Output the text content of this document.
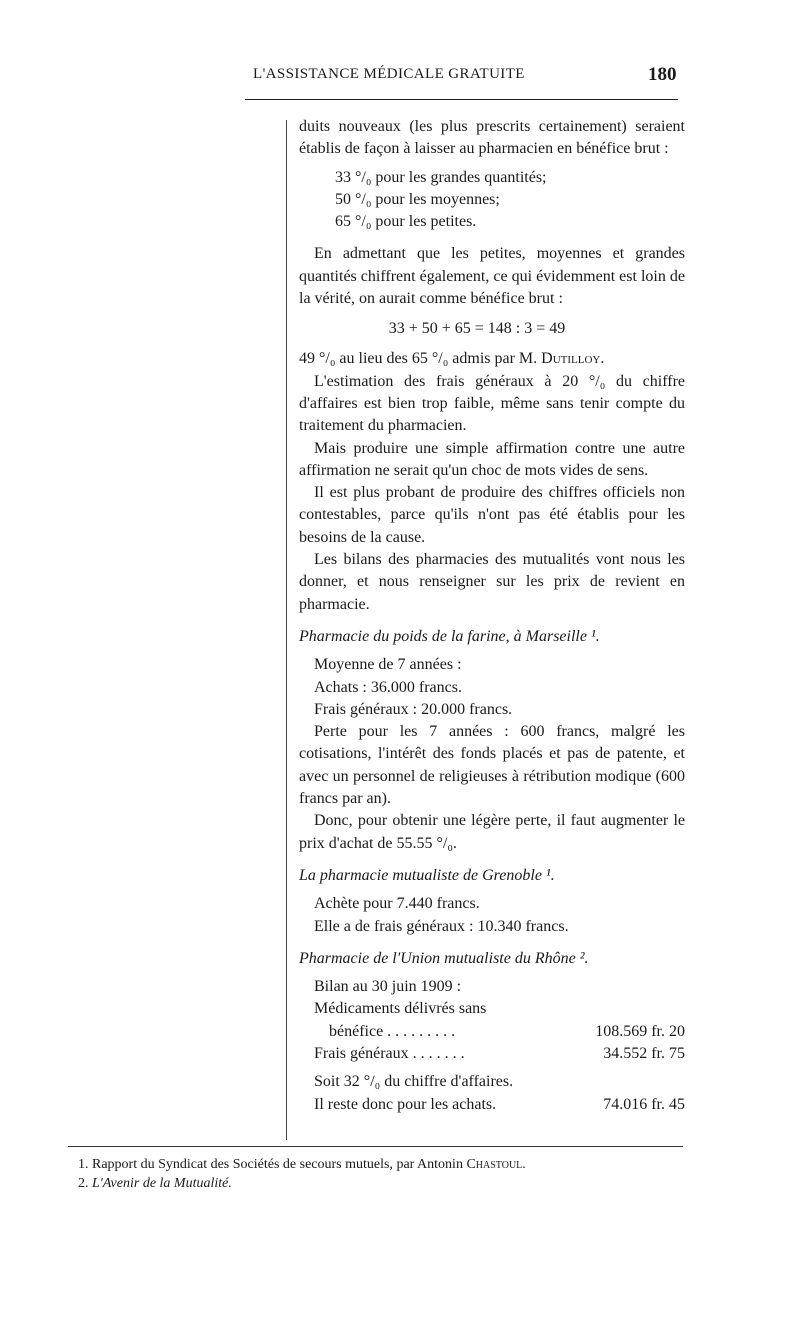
L'ASSISTANCE MÉDICALE GRATUITE	180

duits nouveaux (les plus prescrits certainement) seraient établis de façon à laisser au pharmacien en bénéfice brut :

33 °/₀ pour les grandes quantités;

50 °/₀ pour les moyennes;

65 °/₀ pour les petites.

En admettant que les petites, moyennes et grandes quantités chiffrent également, ce qui évidemment est loin de la vérité, on aurait comme bénéfice brut :

33 + 50 + 65 = 148 : 3 = 49

49 °/₀ au lieu des 65 °/₀ admis par M. Dutilloy.

L'estimation des frais généraux à 20 °/₀ du chiffre d'affaires est bien trop faible, même sans tenir compte du traitement du pharmacien.

Mais produire une simple affirmation contre une autre affirmation ne serait qu'un choc de mots vides de sens.

Il est plus probant de produire des chiffres officiels non contestables, parce qu'ils n'ont pas été établis pour les besoins de la cause.

Les bilans des pharmacies des mutualités vont nous les donner, et nous renseigner sur les prix de revient en pharmacie.

Pharmacie du poids de la farine, à Marseille ¹.

Moyenne de 7 années :

Achats : 36.000 francs.

Frais généraux : 20.000 francs.

Perte pour les 7 années : 600 francs, malgré les cotisations, l'intérêt des fonds placés et pas de patente, et avec un personnel de religieuses à rétribution modique (600 francs par an).

Donc, pour obtenir une légère perte, il faut augmenter le prix d'achat de 55.55 °/₀.

La pharmacie mutualiste de Grenoble ¹.

Achète pour 7.440 francs.

Elle a de frais généraux : 10.340 francs.

Pharmacie de l'Union mutualiste du Rhône ².

Bilan au 30 juin 1909 :
Médicaments délivrés sans
bénéfice . . . . . . . . .	108.569 fr. 20
Frais généraux . . . . . . .	34.552 fr. 75
Soit 32 °/₀ du chiffre d'affaires.
Il reste donc pour les achats.	74.016 fr. 45

1. Rapport du Syndicat des Sociétés de secours mutuels, par Antonin Chastoul.

2. L'Avenir de la Mutualité.
